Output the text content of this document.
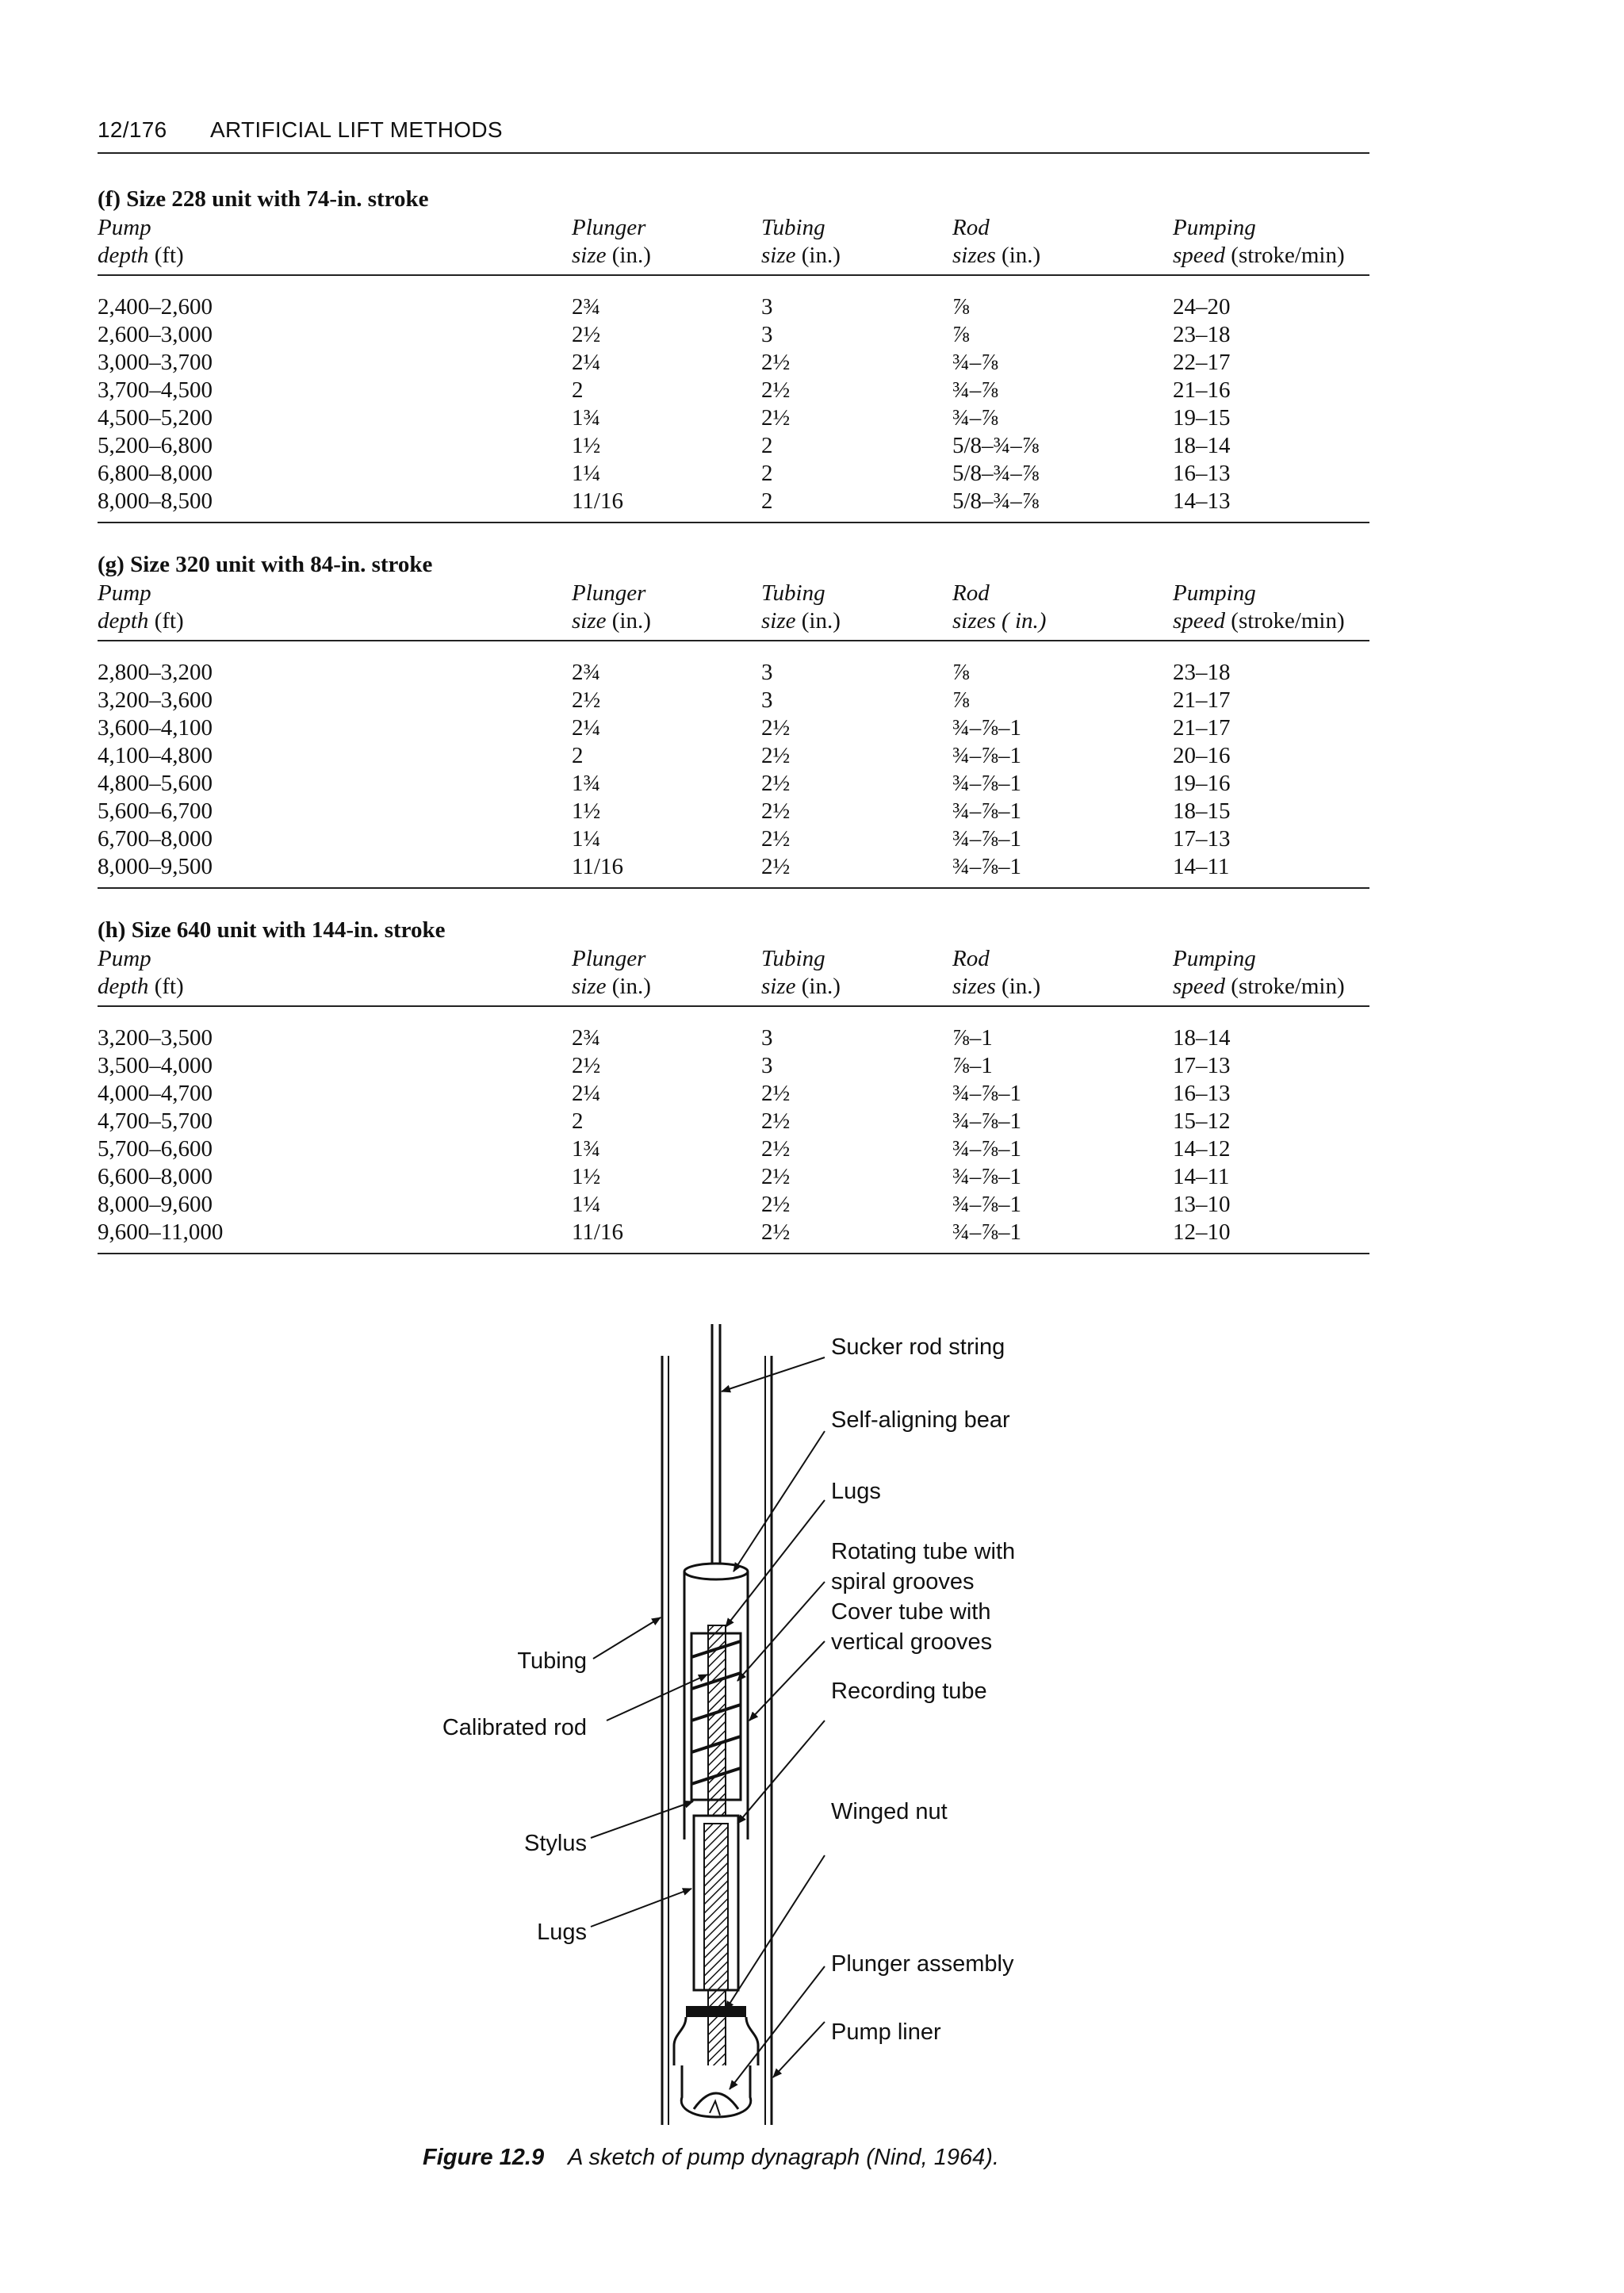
12/176 ARTIFICIAL LIFT METHODS
(f) Size 228 unit with 74-in. stroke
Pump
depth (ft)
Plunger
size (in.)
Tubing
size (in.)
Rod
sizes (in.)
Pumping
speed (stroke/min)
2,400–2,600	2¾	3	⅞	24–20
2,600–3,000	2½	3	⅞	23–18
3,000–3,700	2¼	2½	¾–⅞	22–17
3,700–4,500	2	2½	¾–⅞	21–16
4,500–5,200	1¾	2½	¾–⅞	19–15
5,200–6,800	1½	2	5/8–¾–⅞	18–14
6,800–8,000	1¼	2	5/8–¾–⅞	16–13
8,000–8,500	11/16	2	5/8–¾–⅞	14–13
(g) Size 320 unit with 84-in. stroke
Pump
depth (ft)
Plunger
size (in.)
Tubing
size (in.)
Rod
sizes ( in.)
Pumping
speed (stroke/min)
2,800–3,200	2¾	3	⅞	23–18
3,200–3,600	2½	3	⅞	21–17
3,600–4,100	2¼	2½	¾–⅞–1	21–17
4,100–4,800	2	2½	¾–⅞–1	20–16
4,800–5,600	1¾	2½	¾–⅞–1	19–16
5,600–6,700	1½	2½	¾–⅞–1	18–15
6,700–8,000	1¼	2½	¾–⅞–1	17–13
8,000–9,500	11/16	2½	¾–⅞–1	14–11
(h) Size 640 unit with 144-in. stroke
Pump
depth (ft)
Plunger
size (in.)
Tubing
size (in.)
Rod
sizes (in.)
Pumping
speed (stroke/min)
3,200–3,500	2¾	3	⅞–1	18–14
3,500–4,000	2½	3	⅞–1	17–13
4,000–4,700	2¼	2½	¾–⅞–1	16–13
4,700–5,700	2	2½	¾–⅞–1	15–12
5,700–6,600	1¾	2½	¾–⅞–1	14–12
6,600–8,000	1½	2½	¾–⅞–1	14–11
8,000–9,600	1¼	2½	¾–⅞–1	13–10
9,600–11,000	11/16	2½	¾–⅞–1	12–10
Sucker rod string
Self-aligning bear
Lugs
Rotating tube with
spiral grooves
Cover tube with
vertical grooves
Recording tube
Winged nut
Plunger assembly
Pump liner
Tubing
Calibrated rod
Stylus
Lugs
Figure 12.9 A sketch of pump dynagraph (Nind, 1964).
